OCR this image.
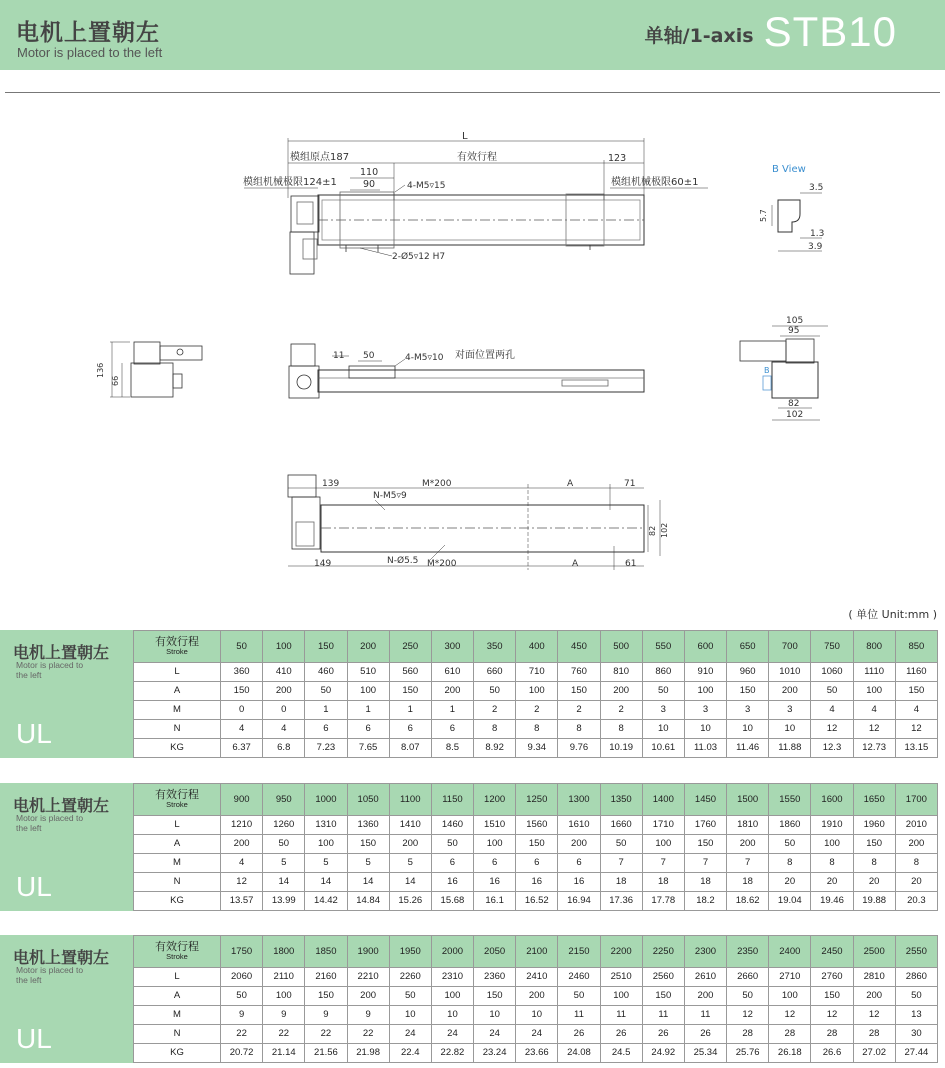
电机上置朝左
Motor is placed to the left
单轴/1-axis STB10
L
模组原点187	有效行程
110
90
123
模组机械极限124±1	模组机械极限60±1
4-M5▿15
2-Ø5▿12 H7
11 50	4-M5▿10 对面位置两孔
136
66
B View
3.5
5.7
1.3
3.9
105
95
B
82
102
139	M*200	A	71
N-M5▿9
N-Ø5.5 M*200
149	A	61
82 102
( 单位 Unit:mm )
电机上置朝左
Motor is placed to the left
UL
有效行程
Stroke	50	100	150	200	250	300	350	400	450	500	550	600	650	700	750	800	850
L	360	410	460	510	560	610	660	710	760	810	860	910	960	1010	1060	1110	1160
A	150	200	50	100	150	200	50	100	150	200	50	100	150	200	50	100	150
M	0	0	1	1	1	1	2	2	2	2	3	3	3	3	4	4	4
N	4	4	6	6	6	6	8	8	8	8	10	10	10	10	12	12	12
KG	6.37	6.8	7.23	7.65	8.07	8.5	8.92	9.34	9.76	10.19	10.61	11.03	11.46	11.88	12.3	12.73	13.15
电机上置朝左
Motor is placed to the left
UL
有效行程
Stroke	900	950	1000	1050	1100	1150	1200	1250	1300	1350	1400	1450	1500	1550	1600	1650	1700
L	1210	1260	1310	1360	1410	1460	1510	1560	1610	1660	1710	1760	1810	1860	1910	1960	2010
A	200	50	100	150	200	50	100	150	200	50	100	150	200	50	100	150	200
M	4	5	5	5	5	6	6	6	6	7	7	7	7	8	8	8	8
N	12	14	14	14	14	16	16	16	16	18	18	18	18	20	20	20	20
KG	13.57	13.99	14.42	14.84	15.26	15.68	16.1	16.52	16.94	17.36	17.78	18.2	18.62	19.04	19.46	19.88	20.3
电机上置朝左
Motor is placed to the left
UL
有效行程
Stroke	1750	1800	1850	1900	1950	2000	2050	2100	2150	2200	2250	2300	2350	2400	2450	2500	2550
L	2060	2110	2160	2210	2260	2310	2360	2410	2460	2510	2560	2610	2660	2710	2760	2810	2860
A	50	100	150	200	50	100	150	200	50	100	150	200	50	100	150	200	50
M	9	9	9	9	10	10	10	10	11	11	11	11	12	12	12	12	13
N	22	22	22	22	24	24	24	24	26	26	26	26	28	28	28	28	30
KG	20.72	21.14	21.56	21.98	22.4	22.82	23.24	23.66	24.08	24.5	24.92	25.34	25.76	26.18	26.6	27.02	27.44
